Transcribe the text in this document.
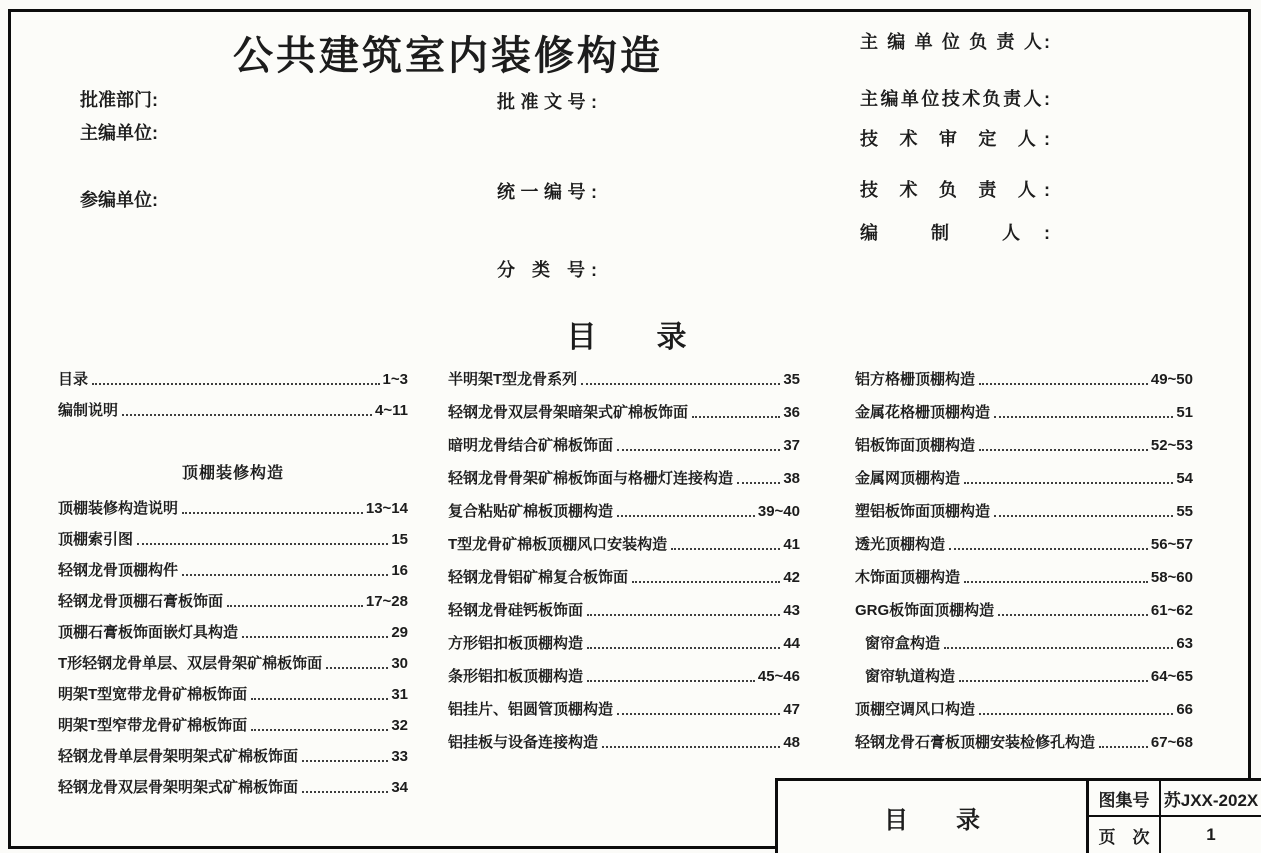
公共建筑室内装修构造
批准部门:
主编单位:
参编单位:
批准文号:
统一编号:
分 类 号:
主 编 单 位 负 责 人:
主编单位技术负责人:
技 术 审 定 人:
技 术 负 责 人:
编 制 人:
目　　录
目录	1~3
编制说明	4~11
顶棚装修构造
顶棚装修构造说明	13~14
顶棚索引图	15
轻钢龙骨顶棚构件	16
轻钢龙骨顶棚石膏板饰面	17~28
顶棚石膏板饰面嵌灯具构造	29
T形轻钢龙骨单层、双层骨架矿棉板饰面	30
明架T型宽带龙骨矿棉板饰面	31
明架T型窄带龙骨矿棉板饰面	32
轻钢龙骨单层骨架明架式矿棉板饰面	33
轻钢龙骨双层骨架明架式矿棉板饰面	34
半明架T型龙骨系列	35
轻钢龙骨双层骨架暗架式矿棉板饰面	36
暗明龙骨结合矿棉板饰面	37
轻钢龙骨骨架矿棉板饰面与格栅灯连接构造	38
复合粘贴矿棉板顶棚构造	39~40
T型龙骨矿棉板顶棚风口安装构造	41
轻钢龙骨铝矿棉复合板饰面	42
轻钢龙骨硅钙板饰面	43
方形铝扣板顶棚构造	44
条形铝扣板顶棚构造	45~46
铝挂片、铝圆管顶棚构造	47
铝挂板与设备连接构造	48
铝方格栅顶棚构造	49~50
金属花格栅顶棚构造	51
铝板饰面顶棚构造	52~53
金属网顶棚构造	54
塑铝板饰面顶棚构造	55
透光顶棚构造	56~57
木饰面顶棚构造	58~60
GRG板饰面顶棚构造	61~62
窗帘盒构造	63
窗帘轨道构造	64~65
顶棚空调风口构造	66
轻钢龙骨石膏板顶棚安装检修孔构造	67~68
目　　录
图集号 苏JXX-202X
页　次	1
